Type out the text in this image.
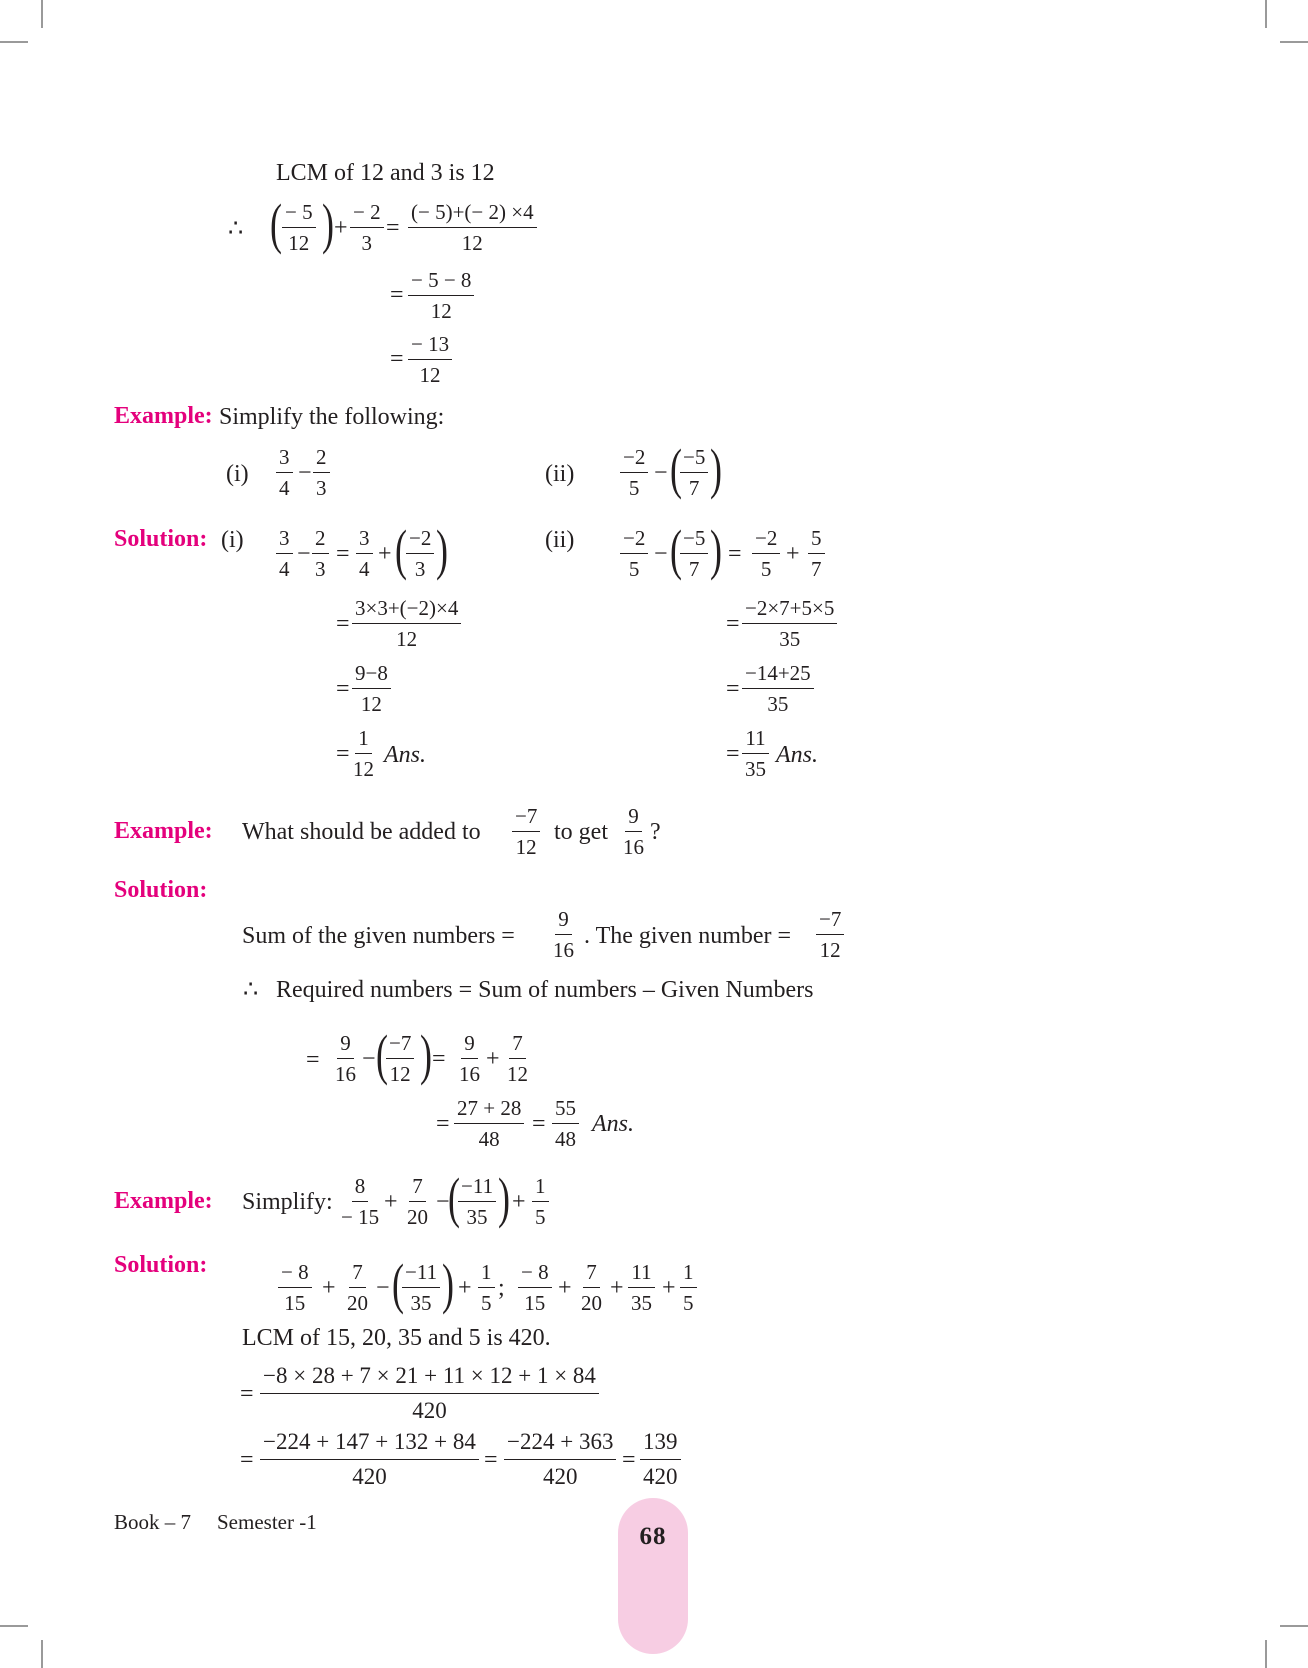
LCM of 12 and 3 is 12
∴ ( $\frac{- 5}{12}$ ) + $\frac{- 2}{3} = \frac{(- 5)+(- 2) \times 4}{12}$
= $\frac{- 5 - 8}{12}$
= $\frac{- 13}{12}$
Example: Simplify the following:
$(i) \frac{3}{4} - \frac{2}{3}$	$(ii) \frac{-2}{5}$ − (
$\frac{-5}{7}$ )
Solution: $(i) \frac{3}{4} - \frac{2}{3} = \frac{3}{4}$ + ( $\frac{-2}{3}$ )
= $\frac{3\times 3+(-2)\times 4}{12}$
= $\frac{9-8}{12}$
= $\frac{1}{12}$ Ans.
$(ii) \frac{-2}{5}$ − (
$\frac{-5}{7}$ ) = $\frac{-2}{5} + \frac{5}{7}$
= $\frac{-2\times 7+5\times 5}{35}$
= $\frac{-14+25}{35}$
= $\frac{11}{35}$ Ans.
Example: What should be added to $\frac{-7}{12}$ to get $\frac{9}{16}$ ?
Solution:
Sum of the given numbers = $\frac{9}{16}$ . The given number = $\frac{-7}{12}$
∴ Required numbers = Sum of numbers – Given Numbers
= $\frac{9}{16}$ − (
$\frac{-7}{12}$ ) = $\frac{9}{16} + \frac{7}{12}$
= $\frac{27 + 28}{48} = \frac{55}{48}$ Ans.
Example: Simplify: $\frac{8}{- 15} + \frac{7}{20}$ −
(
$\frac{-11}{35}$ ) + $\frac{1}{5}$
Solution:	$\frac{- 8}{15} + \frac{7}{20}$ − (
$\frac{-11}{35}$ ) + $\frac{1}{5}$ ; $\frac{- 8}{15} + \frac{7}{20} + \frac{11}{35} + \frac{1}{5}$
LCM of 15, 20, 35 and 5 is 420.
= $\frac{-8 \times 28 + 7 \times 21 + 11 \times 12 + 1 \times 84}{420}$
= $\frac{-224 + 147 + 132 + 84}{420} = \frac{-224 + 363}{420} = \frac{139}{420}$
Book – 7 Semester -1
68
